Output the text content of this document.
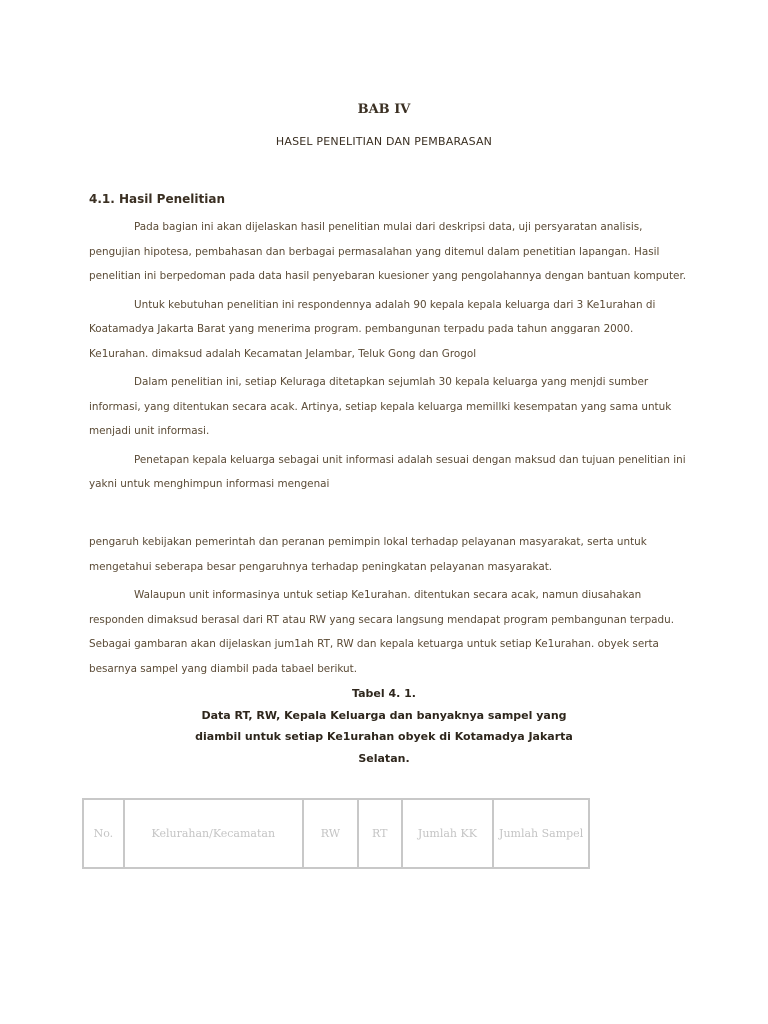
BAB IV
HASEL PENELITIAN DAN PEMBARASAN
4.1. Hasil Penelitian

Pada bagian ini akan dijelaskan hasil penelitian mulai dari deskripsi data, uji persyaratan analisis, pengujian hipotesa, pembahasan dan berbagai permasalahan yang ditemul dalam penetitian lapangan. Hasil penelitian ini berpedoman pada data hasil penyebaran kuesioner yang pengolahannya dengan bantuan komputer.

Untuk kebutuhan penelitian ini respondennya adalah 90 kepala kepala keluarga dari 3 Ke1urahan di Koatamadya Jakarta Barat yang menerima program. pembangunan terpadu pada tahun anggaran 2000. Ke1urahan. dimaksud adalah Kecamatan Jelambar, Teluk Gong dan Grogol

Dalam penelitian ini, setiap Keluraga ditetapkan sejumlah 30 kepala keluarga yang menjdi sumber informasi, yang ditentukan secara acak. Artinya, setiap kepala keluarga memillki kesempatan yang sama untuk menjadi unit informasi.

Penetapan kepala keluarga sebagai unit informasi adalah sesuai dengan maksud dan tujuan penelitian ini yakni untuk menghimpun informasi mengenai

pengaruh kebijakan pemerintah dan peranan pemimpin lokal terhadap pelayanan masyarakat, serta untuk mengetahui seberapa besar pengaruhnya terhadap peningkatan pelayanan masyarakat.

Walaupun unit informasinya untuk setiap Ke1urahan. ditentukan secara acak, namun diusahakan responden dimaksud berasal dari RT atau RW yang secara langsung mendapat program pembangunan terpadu. Sebagai gambaran akan dijelaskan jum1ah RT, RW dan kepala ketuarga untuk setiap Ke1urahan. obyek serta besarnya sampel yang diambil pada tabael berikut.

Tabel 4. 1.
Data RT, RW, Kepala Keluarga dan banyaknya sampel yang
diambil untuk setiap Ke1urahan obyek di Kotamadya Jakarta
Selatan.
No.	Kelurahan/Kecamatan	RW	RT	Jumlah KK	Jumlah Sampel
